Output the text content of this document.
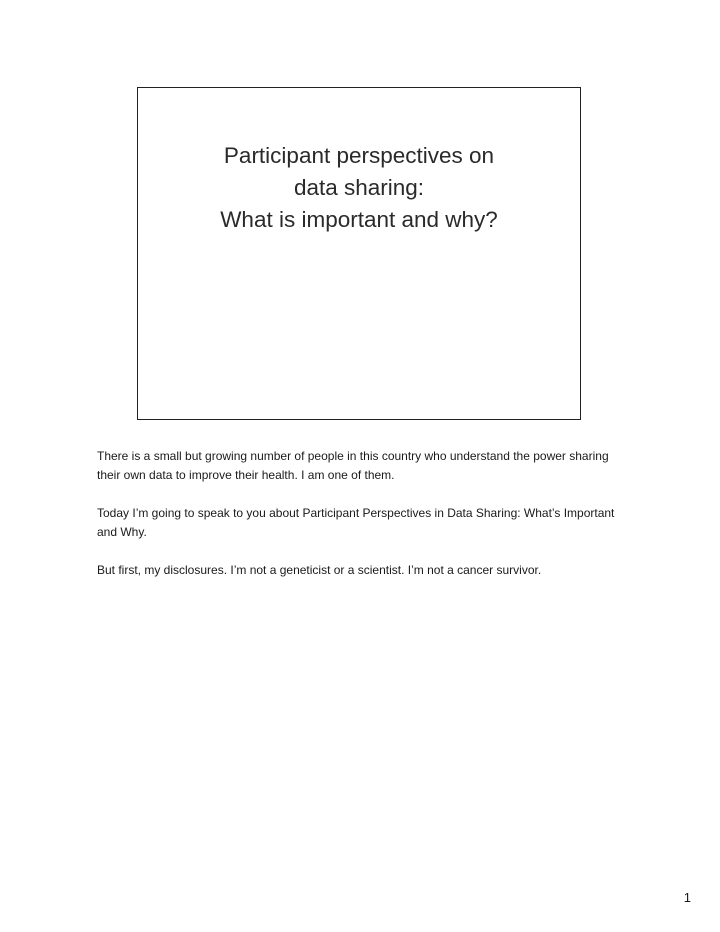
Participant perspectives on
data sharing:
What is important and why?

There is a small but growing number of people in this country who understand the power sharing their own data to improve their health. I am one of them.

Today I’m going to speak to you about Participant Perspectives in Data Sharing: What’s Important and Why.

But first, my disclosures. I’m not a geneticist or a scientist. I’m not a cancer survivor.

1
